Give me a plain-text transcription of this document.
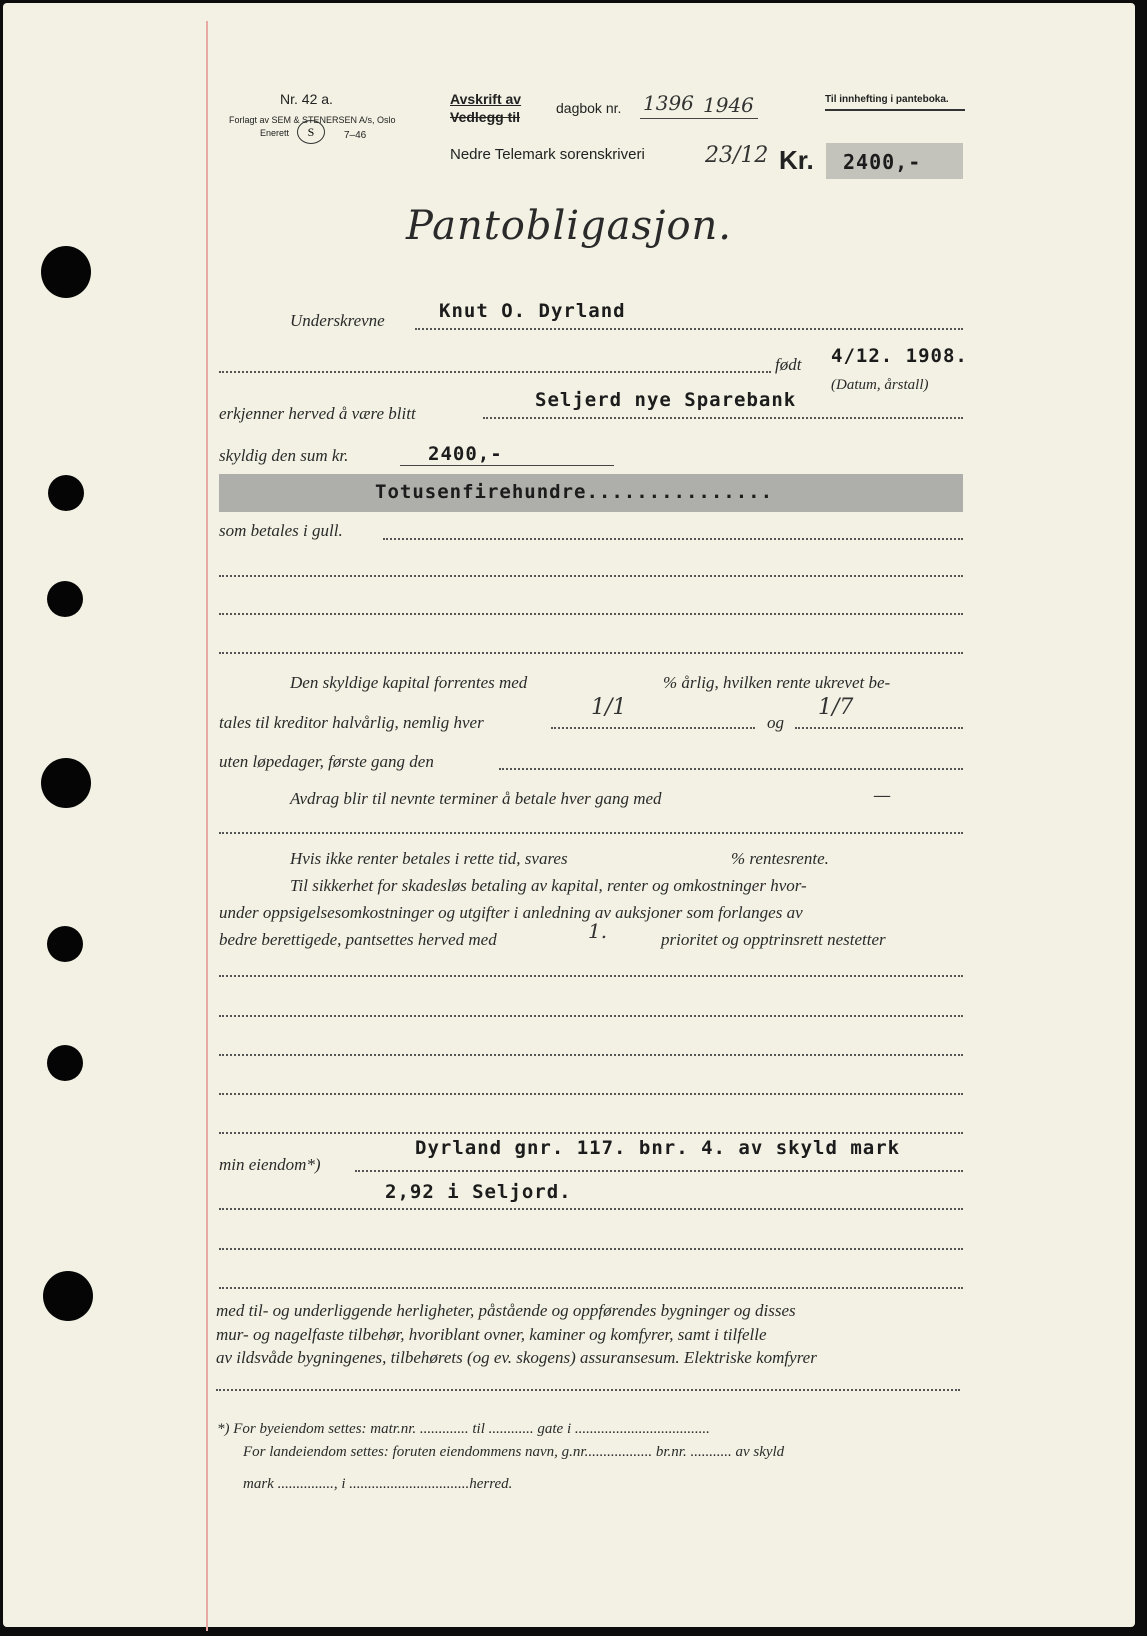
Nr. 42 a.
Forlagt av SEM & STENERSEN A/s, Oslo
Enerett	S	7–46
Avskrift av
Vedlegg til
dagbok nr. 1396 1946
Nedre Telemark sorenskriveri	23/12 Kr. 2400,-
Til innhefting i panteboka.
Pantobligasjon.
Underskrevne	Knut O. Dyrland
født 4/12. 1908.
(Datum, årstall)
erkjenner herved å være blitt
Seljerd nye Sparebank
skyldig den sum kr.	2400,-
Totusenfirehundre...............
som betales i gull.
Den skyldige kapital forrentes med	% årlig, hvilken rente ukrevet be-
tales til kreditor halvårlig, nemlig hver
1/1
og
1/7
uten løpedager, første gang den
Avdrag blir til nevnte terminer å betale hver gang med	—
Hvis ikke renter betales i rette tid, svares	% rentesrente.
Til sikkerhet for skadesløs betaling av kapital, renter og omkostninger hvor-
under oppsigelsesomkostninger og utgifter i anledning av auksjoner som forlanges av
bedre berettigede, pantsettes herved med	1.	prioritet og opptrinsrett nestetter
min eiendom*)
Dyrland gnr. 117. bnr. 4. av skyld mark
2,92 i Seljord.
med til- og underliggende herligheter, påstående og oppførendes bygninger og disses
mur- og nagelfaste tilbehør, hvoriblant ovner, kaminer og komfyrer, samt i tilfelle
av ildsvåde bygningenes, tilbehørets (og ev. skogens) assuransesum. Elektriske komfyrer
*) For byeiendom settes: matr.nr. ............. til ............ gate i ....................................
For landeiendom settes: foruten eiendommens navn, g.nr.................. br.nr. ........... av skyld
mark ..............., i ................................herred.
